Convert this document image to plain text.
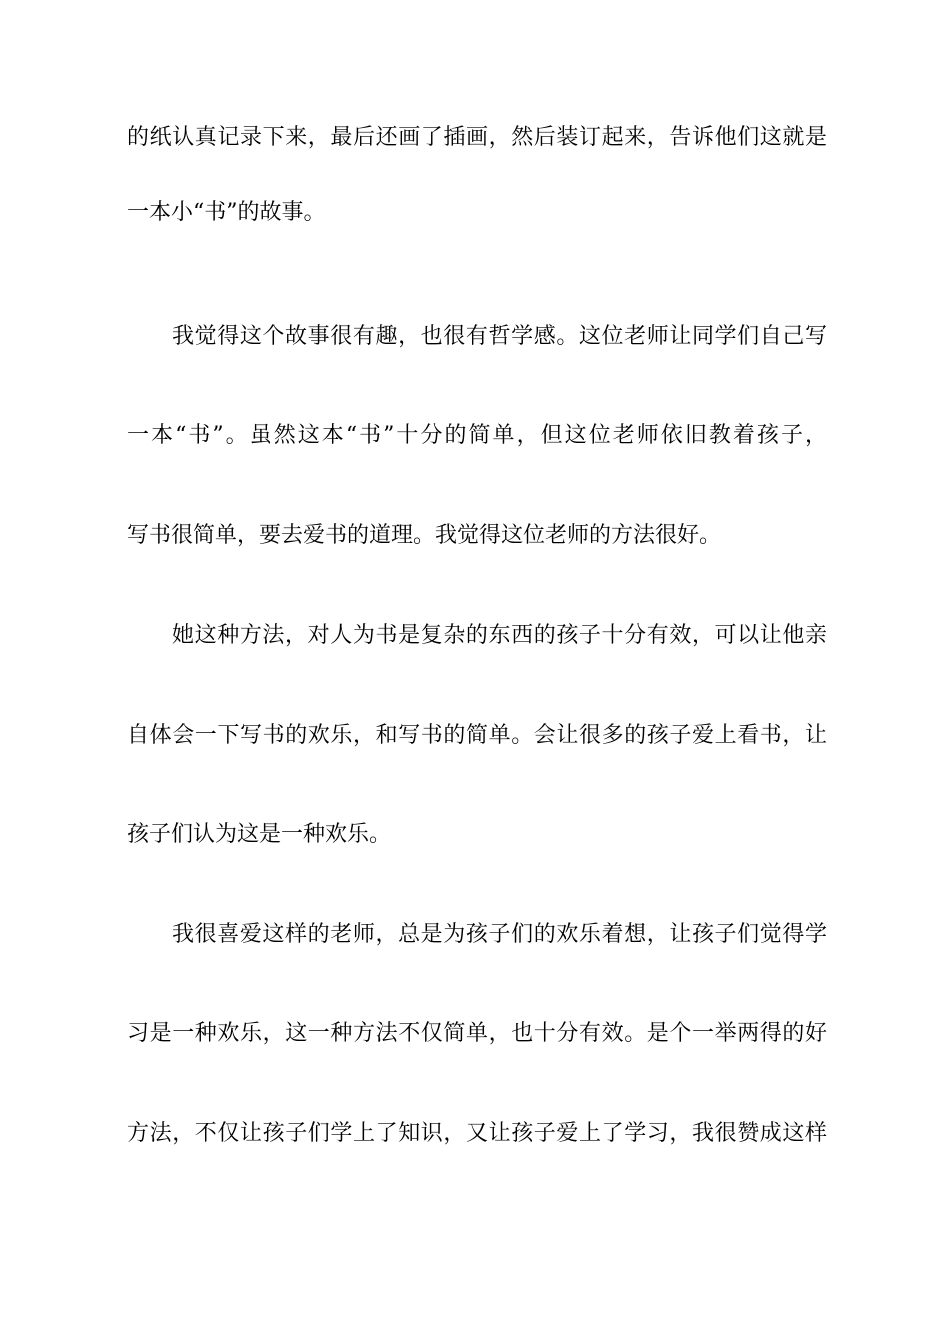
的纸认真记录下来，最后还画了插画，然后装订起来，告诉他们这就是
一本小“书”的故事。
我觉得这个故事很有趣，也很有哲学感。这位老师让同学们自己写
一本“书”。虽然这本“书”十分的简单，但这位老师依旧教着孩子，
写书很简单，要去爱书的道理。我觉得这位老师的方法很好。
她这种方法，对人为书是复杂的东西的孩子十分有效，可以让他亲
自体会一下写书的欢乐，和写书的简单。会让很多的孩子爱上看书，让
孩子们认为这是一种欢乐。
我很喜爱这样的老师，总是为孩子们的欢乐着想，让孩子们觉得学
习是一种欢乐，这一种方法不仅简单，也十分有效。是个一举两得的好
方法，不仅让孩子们学上了知识，又让孩子爱上了学习，我很赞成这样
